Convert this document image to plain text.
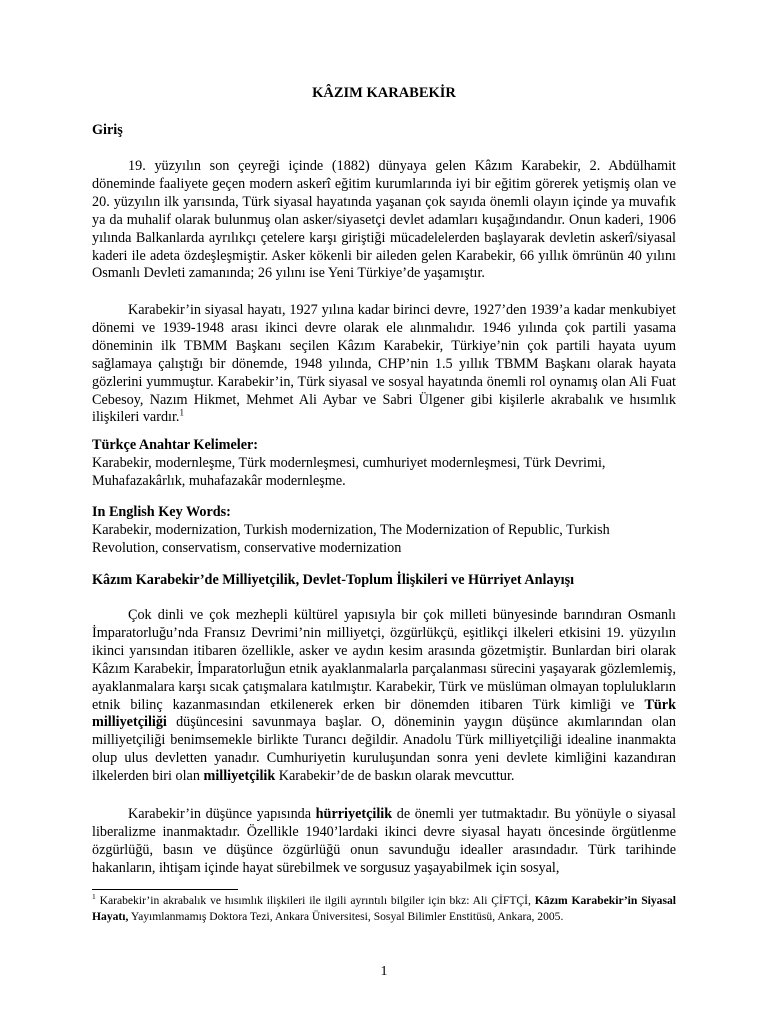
KÂZIM KARABEKİR
Giriş
19. yüzyılın son çeyreği içinde (1882) dünyaya gelen Kâzım Karabekir, 2. Abdülhamit döneminde faaliyete geçen modern askerî eğitim kurumlarında iyi bir eğitim görerek yetişmiş olan ve 20. yüzyılın ilk yarısında, Türk siyasal hayatında yaşanan çok sayıda önemli olayın içinde ya muvafık ya da muhalif olarak bulunmuş olan asker/siyasetçi devlet adamları kuşağındandır. Onun kaderi, 1906 yılında Balkanlarda ayrılıkçı çetelere karşı giriştiği mücadelelerden başlayarak devletin askerî/siyasal kaderi ile adeta özdeşleşmiştir. Asker kökenli bir aileden gelen Karabekir, 66 yıllık ömrünün 40 yılını Osmanlı Devleti zamanında; 26 yılını ise Yeni Türkiye’de yaşamıştır.
Karabekir’in siyasal hayatı, 1927 yılına kadar birinci devre, 1927’den 1939’a kadar menkubiyet dönemi ve 1939-1948 arası ikinci devre olarak ele alınmalıdır. 1946 yılında çok partili yasama döneminin ilk TBMM Başkanı seçilen Kâzım Karabekir, Türkiye’nin çok partili hayata uyum sağlamaya çalıştığı bir dönemde, 1948 yılında, CHP’nin 1.5 yıllık TBMM Başkanı olarak hayata gözlerini yummuştur. Karabekir’in, Türk siyasal ve sosyal hayatında önemli rol oynamış olan Ali Fuat Cebesoy, Nazım Hikmet, Mehmet Ali Aybar ve Sabri Ülgener gibi kişilerle akrabalık ve hısımlık ilişkileri vardır.$^1$
Türkçe Anahtar Kelimeler:
Karabekir, modernleşme, Türk modernleşmesi, cumhuriyet modernleşmesi, Türk Devrimi, Muhafazakârlık, muhafazakâr modernleşme.
In English Key Words:
Karabekir, modernization, Turkish modernization, The Modernization of Republic, Turkish Revolution, conservatism, conservative modernization
Kâzım Karabekir’de Milliyetçilik, Devlet-Toplum İlişkileri ve Hürriyet Anlayışı
Çok dinli ve çok mezhepli kültürel yapısıyla bir çok milleti bünyesinde barındıran Osmanlı İmparatorluğu’nda Fransız Devrimi’nin milliyetçi, özgürlükçü, eşitlikçi ilkeleri etkisini 19. yüzyılın ikinci yarısından itibaren özellikle, asker ve aydın kesim arasında gözetmiştir. Bunlardan biri olarak Kâzım Karabekir, İmparatorluğun etnik ayaklanmalarla parçalanması sürecini yaşayarak gözlemlemiş, ayaklanmalara karşı sıcak çatışmalara katılmıştır. Karabekir, Türk ve müslüman olmayan toplulukların etnik bilinç kazanmasından etkilenerek erken bir dönemden itibaren Türk kimliği ve Türk milliyetçiliği düşüncesini savunmaya başlar. O, döneminin yaygın düşünce akımlarından olan milliyetçiliği benimsemekle birlikte Turancı değildir. Anadolu Türk milliyetçiliği idealine inanmakta olup ulus devletten yanadır. Cumhuriyetin kuruluşundan sonra yeni devlete kimliğini kazandıran ilkelerden biri olan milliyetçilik Karabekir’de de baskın olarak mevcuttur.
Karabekir’in düşünce yapısında hürriyetçilik de önemli yer tutmaktadır. Bu yönüyle o siyasal liberalizme inanmaktadır. Özellikle 1940’lardaki ikinci devre siyasal hayatı öncesinde örgütlenme özgürlüğü, basın ve düşünce özgürlüğü onun savunduğu idealler arasındadır. Türk tarihinde hakanların, ihtişam içinde hayat sürebilmek ve sorgusuz yaşayabilmek için sosyal,
$^1$ Karabekir’in akrabalık ve hısımlık ilişkileri ile ilgili ayrıntılı bilgiler için bkz: Ali ÇİFTÇİ, Kâzım Karabekir’in Siyasal Hayatı, Yayımlanmamış Doktora Tezi, Ankara Üniversitesi, Sosyal Bilimler Enstitüsü, Ankara, 2005.
1
